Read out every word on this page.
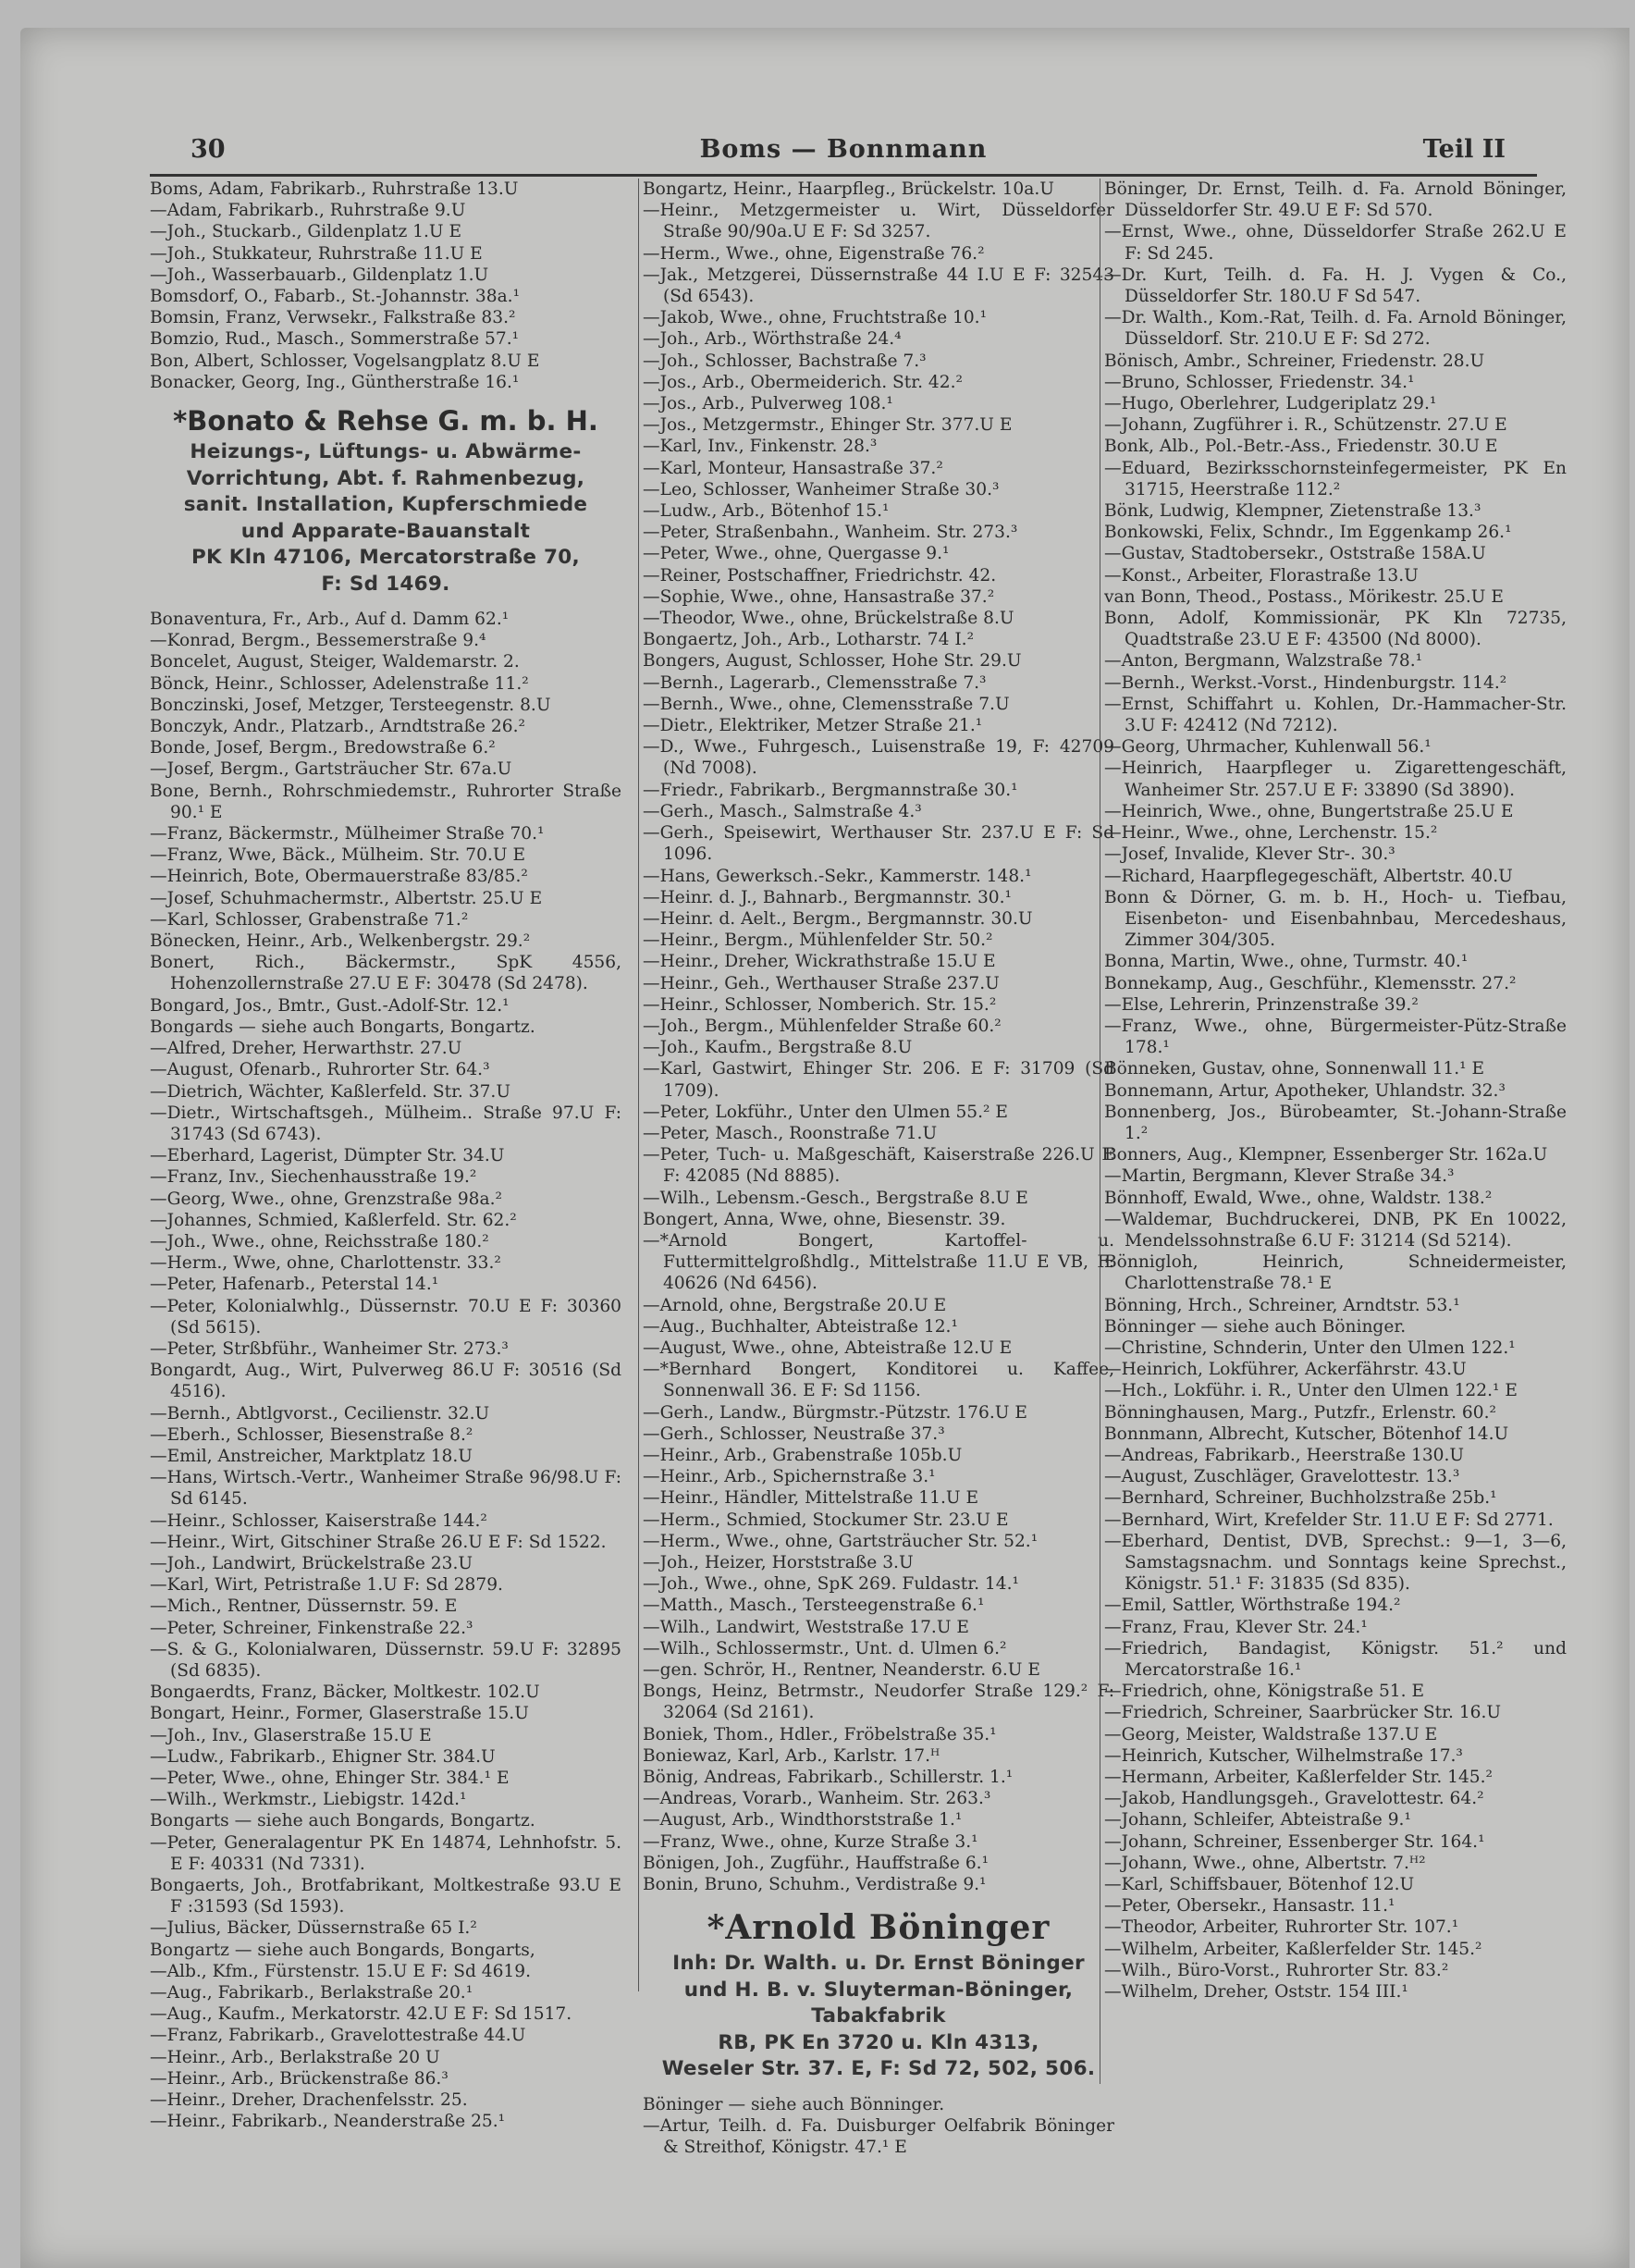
30	Boms — Bonnmann	Teil II

Boms, Adam, Fabrikarb., Ruhrstraße 13.U

—Adam, Fabrikarb., Ruhrstraße 9.U

—Joh., Stuckarb., Gildenplatz 1.U E

—Joh., Stukkateur, Ruhrstraße 11.U E

—Joh., Wasserbauarb., Gildenplatz 1.U

Bomsdorf, O., Fabarb., St.-Johannstr. 38a.¹

Bomsin, Franz, Verwsekr., Falkstraße 83.²

Bomzio, Rud., Masch., Sommerstraße 57.¹

Bon, Albert, Schlosser, Vogelsangplatz 8.U E

Bonacker, Georg, Ing., Güntherstraße 16.¹

*Bonato & Rehse G. m. b. H.
Heizungs-, Lüftungs- u. Abwärme-
Vorrichtung, Abt. f. Rahmenbezug,
sanit. Installation, Kupferschmiede
und Apparate-Bauanstalt
PK Kln 47106, Mercatorstraße 70,
F: Sd 1469.

Bonaventura, Fr., Arb., Auf d. Damm 62.¹

—Konrad, Bergm., Bessemerstraße 9.⁴

Boncelet, August, Steiger, Waldemarstr. 2.

Bönck, Heinr., Schlosser, Adelenstraße 11.²

Bonczinski, Josef, Metzger, Tersteegenstr. 8.U

Bonczyk, Andr., Platzarb., Arndtstraße 26.²

Bonde, Josef, Bergm., Bredowstraße 6.²

—Josef, Bergm., Gartsträucher Str. 67a.U

Bone, Bernh., Rohrschmiedemstr., Ruhrorter Straße 90.¹ E

—Franz, Bäckermstr., Mülheimer Straße 70.¹

—Franz, Wwe, Bäck., Mülheim. Str. 70.U E

—Heinrich, Bote, Obermauerstraße 83/85.²

—Josef, Schuhmachermstr., Albertstr. 25.U E

—Karl, Schlosser, Grabenstraße 71.²

Bönecken, Heinr., Arb., Welkenbergstr. 29.²

Bonert, Rich., Bäckermstr., SpK 4556, Hohenzollernstraße 27.U E F: 30478 (Sd 2478).

Bongard, Jos., Bmtr., Gust.-Adolf-Str. 12.¹

Bongards — siehe auch Bongarts, Bongartz.

—Alfred, Dreher, Herwarthstr. 27.U

—August, Ofenarb., Ruhrorter Str. 64.³

—Dietrich, Wächter, Kaßlerfeld. Str. 37.U

—Dietr., Wirtschaftsgeh., Mülheim.. Straße 97.U F: 31743 (Sd 6743).

—Eberhard, Lagerist, Dümpter Str. 34.U

—Franz, Inv., Siechenhausstraße 19.²

—Georg, Wwe., ohne, Grenzstraße 98a.²

—Johannes, Schmied, Kaßlerfeld. Str. 62.²

—Joh., Wwe., ohne, Reichsstraße 180.²

—Herm., Wwe, ohne, Charlottenstr. 33.²

—Peter, Hafenarb., Peterstal 14.¹

—Peter, Kolonialwhlg., Düssernstr. 70.U E F: 30360 (Sd 5615).

—Peter, Strßbführ., Wanheimer Str. 273.³

Bongardt, Aug., Wirt, Pulverweg 86.U F: 30516 (Sd 4516).

—Bernh., Abtlgvorst., Cecilienstr. 32.U

—Eberh., Schlosser, Biesenstraße 8.²

—Emil, Anstreicher, Marktplatz 18.U

—Hans, Wirtsch.-Vertr., Wanheimer Straße 96/98.U F: Sd 6145.

—Heinr., Schlosser, Kaiserstraße 144.²

—Heinr., Wirt, Gitschiner Straße 26.U E F: Sd 1522.

—Joh., Landwirt, Brückelstraße 23.U

—Karl, Wirt, Petristraße 1.U F: Sd 2879.

—Mich., Rentner, Düssernstr. 59. E

—Peter, Schreiner, Finkenstraße 22.³

—S. & G., Kolonialwaren, Düssernstr. 59.U F: 32895 (Sd 6835).

Bongaerdts, Franz, Bäcker, Moltkestr. 102.U

Bongart, Heinr., Former, Glaserstraße 15.U

—Joh., Inv., Glaserstraße 15.U E

—Ludw., Fabrikarb., Ehigner Str. 384.U

—Peter, Wwe., ohne, Ehinger Str. 384.¹ E

—Wilh., Werkmstr., Liebigstr. 142d.¹

Bongarts — siehe auch Bongards, Bongartz.

—Peter, Generalagentur PK En 14874, Lehnhofstr. 5. E F: 40331 (Nd 7331).

Bongaerts, Joh., Brotfabrikant, Moltkestraße 93.U E F :31593 (Sd 1593).

—Julius, Bäcker, Düssernstraße 65 I.²

Bongartz — siehe auch Bongards, Bongarts,

—Alb., Kfm., Fürstenstr. 15.U E F: Sd 4619.

—Aug., Fabrikarb., Berlakstraße 20.¹

—Aug., Kaufm., Merkatorstr. 42.U E F: Sd 1517.

—Franz, Fabrikarb., Gravelottestraße 44.U

—Heinr., Arb., Berlakstraße 20 U

—Heinr., Arb., Brückenstraße 86.³

—Heinr., Dreher, Drachenfelsstr. 25.

—Heinr., Fabrikarb., Neanderstraße 25.¹

Bongartz, Heinr., Haarpfleg., Brückelstr. 10a.U

—Heinr., Metzgermeister u. Wirt, Düsseldorfer Straße 90/90a.U E F: Sd 3257.

—Herm., Wwe., ohne, Eigenstraße 76.²

—Jak., Metzgerei, Düssernstraße 44 I.U E F: 32543 (Sd 6543).

—Jakob, Wwe., ohne, Fruchtstraße 10.¹

—Joh., Arb., Wörthstraße 24.⁴

—Joh., Schlosser, Bachstraße 7.³

—Jos., Arb., Obermeiderich. Str. 42.²

—Jos., Arb., Pulverweg 108.¹

—Jos., Metzgermstr., Ehinger Str. 377.U E

—Karl, Inv., Finkenstr. 28.³

—Karl, Monteur, Hansastraße 37.²

—Leo, Schlosser, Wanheimer Straße 30.³

—Ludw., Arb., Bötenhof 15.¹

—Peter, Straßenbahn., Wanheim. Str. 273.³

—Peter, Wwe., ohne, Quergasse 9.¹

—Reiner, Postschaffner, Friedrichstr. 42.

—Sophie, Wwe., ohne, Hansastraße 37.²

—Theodor, Wwe., ohne, Brückelstraße 8.U

Bongaertz, Joh., Arb., Lotharstr. 74 I.²

Bongers, August, Schlosser, Hohe Str. 29.U

—Bernh., Lagerarb., Clemensstraße 7.³

—Bernh., Wwe., ohne, Clemensstraße 7.U

—Dietr., Elektriker, Metzer Straße 21.¹

—D., Wwe., Fuhrgesch., Luisenstraße 19, F: 42709 (Nd 7008).

—Friedr., Fabrikarb., Bergmannstraße 30.¹

—Gerh., Masch., Salmstraße 4.³

—Gerh., Speisewirt, Werthauser Str. 237.U E F: Sd 1096.

—Hans, Gewerksch.-Sekr., Kammerstr. 148.¹

—Heinr. d. J., Bahnarb., Bergmannstr. 30.¹

—Heinr. d. Aelt., Bergm., Bergmannstr. 30.U

—Heinr., Bergm., Mühlenfelder Str. 50.²

—Heinr., Dreher, Wickrathstraße 15.U E

—Heinr., Geh., Werthauser Straße 237.U

—Heinr., Schlosser, Nomberich. Str. 15.²

—Joh., Bergm., Mühlenfelder Straße 60.²

—Joh., Kaufm., Bergstraße 8.U

—Karl, Gastwirt, Ehinger Str. 206. E F: 31709 (Sd 1709).

—Peter, Lokführ., Unter den Ulmen 55.² E

—Peter, Masch., Roonstraße 71.U

—Peter, Tuch- u. Maßgeschäft, Kaiserstraße 226.U E F: 42085 (Nd 8885).

—Wilh., Lebensm.-Gesch., Bergstraße 8.U E

Bongert, Anna, Wwe, ohne, Biesenstr. 39.

—*Arnold Bongert, Kartoffel- u. Futtermittelgroßhdlg., Mittelstraße 11.U E VB, F: 40626 (Nd 6456).

—Arnold, ohne, Bergstraße 20.U E

—Aug., Buchhalter, Abteistraße 12.¹

—August, Wwe., ohne, Abteistraße 12.U E

—*Bernhard Bongert, Konditorei u. Kaffee, Sonnenwall 36. E F: Sd 1156.

—Gerh., Landw., Bürgmstr.-Pützstr. 176.U E

—Gerh., Schlosser, Neustraße 37.³

—Heinr., Arb., Grabenstraße 105b.U

—Heinr., Arb., Spichernstraße 3.¹

—Heinr., Händler, Mittelstraße 11.U E

—Herm., Schmied, Stockumer Str. 23.U E

—Herm., Wwe., ohne, Gartsträucher Str. 52.¹

—Joh., Heizer, Horststraße 3.U

—Joh., Wwe., ohne, SpK 269. Fuldastr. 14.¹

—Matth., Masch., Tersteegenstraße 6.¹

—Wilh., Landwirt, Weststraße 17.U E

—Wilh., Schlossermstr., Unt. d. Ulmen 6.²

—gen. Schrör, H., Rentner, Neanderstr. 6.U E

Bongs, Heinz, Betrmstr., Neudorfer Straße 129.² F: 32064 (Sd 2161).

Boniek, Thom., Hdler., Fröbelstraße 35.¹

Boniewaz, Karl, Arb., Karlstr. 17.ᴴ

Bönig, Andreas, Fabrikarb., Schillerstr. 1.¹

—Andreas, Vorarb., Wanheim. Str. 263.³

—August, Arb., Windthorststraße 1.¹

—Franz, Wwe., ohne, Kurze Straße 3.¹

Bönigen, Joh., Zugführ., Hauffstraße 6.¹

Bonin, Bruno, Schuhm., Verdistraße 9.¹

*Arnold Böninger
Inh: Dr. Walth. u. Dr. Ernst Böninger
und H. B. v. Sluyterman-Böninger,
Tabakfabrik
RB, PK En 3720 u. Kln 4313,
Weseler Str. 37. E, F: Sd 72, 502, 506.

Böninger — siehe auch Bönninger.

—Artur, Teilh. d. Fa. Duisburger Oelfabrik Böninger & Streithof, Königstr. 47.¹ E

Böninger, Dr. Ernst, Teilh. d. Fa. Arnold Böninger, Düsseldorfer Str. 49.U E F: Sd 570.

—Ernst, Wwe., ohne, Düsseldorfer Straße 262.U E F: Sd 245.

—Dr. Kurt, Teilh. d. Fa. H. J. Vygen & Co., Düsseldorfer Str. 180.U F Sd 547.

—Dr. Walth., Kom.-Rat, Teilh. d. Fa. Arnold Böninger, Düsseldorf. Str. 210.U E F: Sd 272.

Bönisch, Ambr., Schreiner, Friedenstr. 28.U

—Bruno, Schlosser, Friedenstr. 34.¹

—Hugo, Oberlehrer, Ludgeriplatz 29.¹

—Johann, Zugführer i. R., Schützenstr. 27.U E

Bonk, Alb., Pol.-Betr.-Ass., Friedenstr. 30.U E

—Eduard, Bezirksschornsteinfegermeister, PK En 31715, Heerstraße 112.²

Bönk, Ludwig, Klempner, Zietenstraße 13.³

Bonkowski, Felix, Schndr., Im Eggenkamp 26.¹

—Gustav, Stadtobersekr., Oststraße 158A.U

—Konst., Arbeiter, Florastraße 13.U

van Bonn, Theod., Postass., Mörikestr. 25.U E

Bonn, Adolf, Kommissionär, PK Kln 72735, Quadtstraße 23.U E F: 43500 (Nd 8000).

—Anton, Bergmann, Walzstraße 78.¹

—Bernh., Werkst.-Vorst., Hindenburgstr. 114.²

—Ernst, Schiffahrt u. Kohlen, Dr.-Hammacher-Str. 3.U F: 42412 (Nd 7212).

—Georg, Uhrmacher, Kuhlenwall 56.¹

—Heinrich, Haarpfleger u. Zigarettengeschäft, Wanheimer Str. 257.U E F: 33890 (Sd 3890).

—Heinrich, Wwe., ohne, Bungertstraße 25.U E

—Heinr., Wwe., ohne, Lerchenstr. 15.²

—Josef, Invalide, Klever Str-. 30.³

—Richard, Haarpflegegeschäft, Albertstr. 40.U

Bonn & Dörner, G. m. b. H., Hoch- u. Tiefbau, Eisenbeton- und Eisenbahnbau, Mercedeshaus, Zimmer 304/305.

Bonna, Martin, Wwe., ohne, Turmstr. 40.¹

Bonnekamp, Aug., Geschführ., Klemensstr. 27.²

—Else, Lehrerin, Prinzenstraße 39.²

—Franz, Wwe., ohne, Bürgermeister-Pütz-Straße 178.¹

Bönneken, Gustav, ohne, Sonnenwall 11.¹ E

Bonnemann, Artur, Apotheker, Uhlandstr. 32.³

Bonnenberg, Jos., Bürobeamter, St.-Johann-Straße 1.²

Bonners, Aug., Klempner, Essenberger Str. 162a.U

—Martin, Bergmann, Klever Straße 34.³

Bönnhoff, Ewald, Wwe., ohne, Waldstr. 138.²

—Waldemar, Buchdruckerei, DNB, PK En 10022, Mendelssohnstraße 6.U F: 31214 (Sd 5214).

Bönnigloh, Heinrich, Schneidermeister, Charlottenstraße 78.¹ E

Bönning, Hrch., Schreiner, Arndtstr. 53.¹

Bönninger — siehe auch Böninger.

—Christine, Schnderin, Unter den Ulmen 122.¹

—Heinrich, Lokführer, Ackerfährstr. 43.U

—Hch., Lokführ. i. R., Unter den Ulmen 122.¹ E

Bönninghausen, Marg., Putzfr., Erlenstr. 60.²

Bonnmann, Albrecht, Kutscher, Bötenhof 14.U

—Andreas, Fabrikarb., Heerstraße 130.U

—August, Zuschläger, Gravelottestr. 13.³

—Bernhard, Schreiner, Buchholzstraße 25b.¹

—Bernhard, Wirt, Krefelder Str. 11.U E F: Sd 2771.

—Eberhard, Dentist, DVB, Sprechst.: 9—1, 3—6, Samstagsnachm. und Sonntags keine Sprechst., Königstr. 51.¹ F: 31835 (Sd 835).

—Emil, Sattler, Wörthstraße 194.²

—Franz, Frau, Klever Str. 24.¹

—Friedrich, Bandagist, Königstr. 51.² und Mercatorstraße 16.¹

—Friedrich, ohne, Königstraße 51. E

—Friedrich, Schreiner, Saarbrücker Str. 16.U

—Georg, Meister, Waldstraße 137.U E

—Heinrich, Kutscher, Wilhelmstraße 17.³

—Hermann, Arbeiter, Kaßlerfelder Str. 145.²

—Jakob, Handlungsgeh., Gravelottestr. 64.²

—Johann, Schleifer, Abteistraße 9.¹

—Johann, Schreiner, Essenberger Str. 164.¹

—Johann, Wwe., ohne, Albertstr. 7.ᴴ²

—Karl, Schiffsbauer, Bötenhof 12.U

—Peter, Obersekr., Hansastr. 11.¹

—Theodor, Arbeiter, Ruhrorter Str. 107.¹

—Wilhelm, Arbeiter, Kaßlerfelder Str. 145.²

—Wilh., Büro-Vorst., Ruhrorter Str. 83.²

—Wilhelm, Dreher, Oststr. 154 III.¹
